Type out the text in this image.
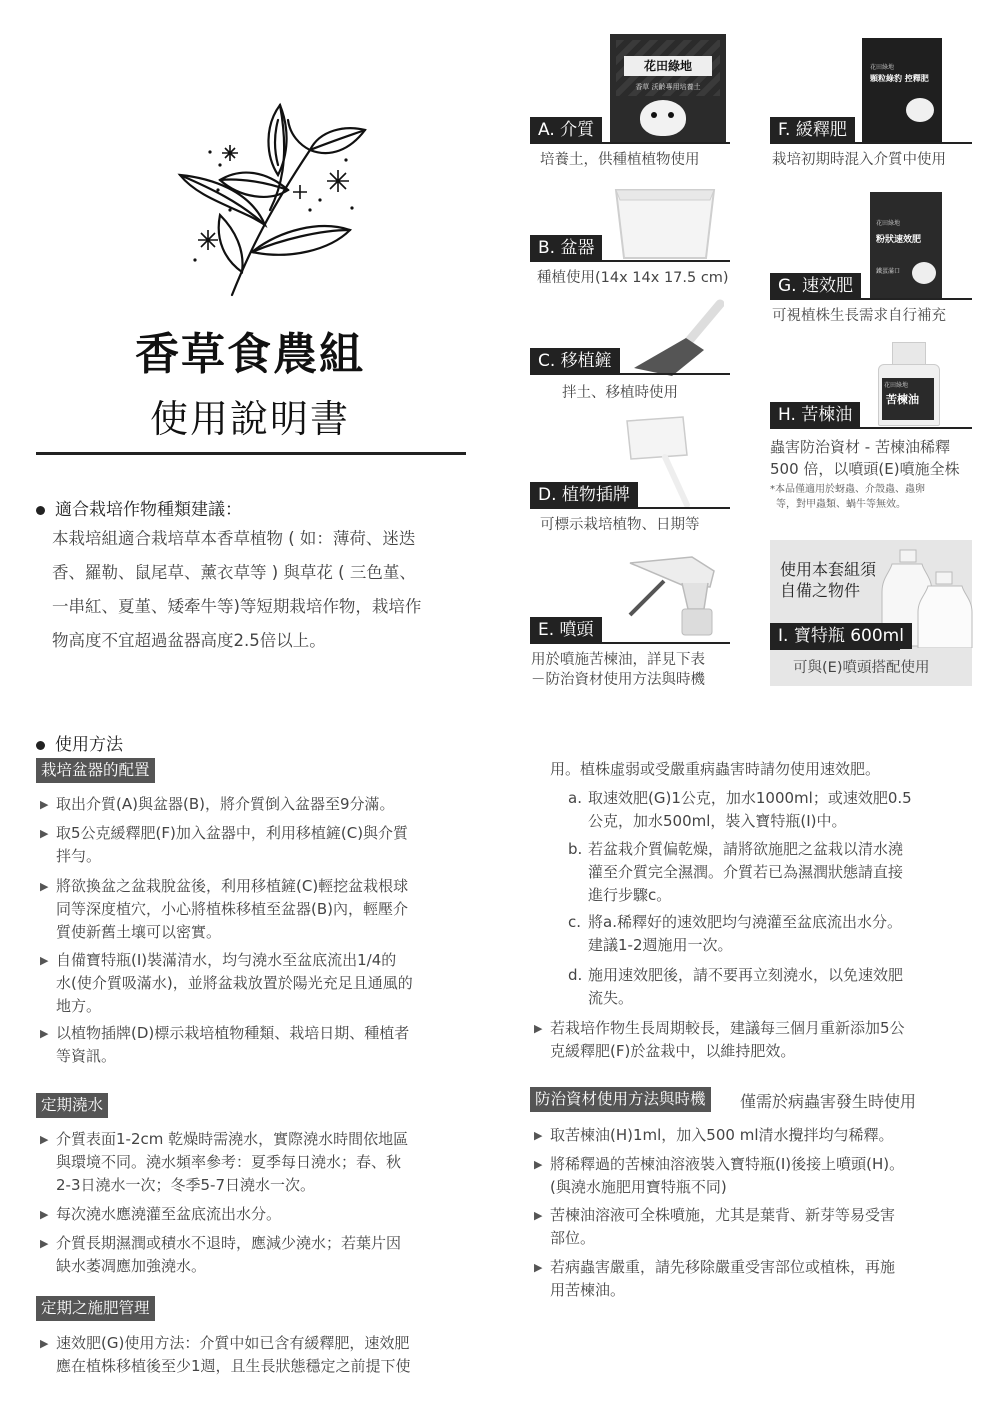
香草食農組
使用說明書
適合栽培作物種類建議：
本栽培組適合栽培草本香草植物 ( 如：薄荷、迷迭
香、羅勒、鼠尾草、薰衣草等 ) 與草花 ( 三色堇、
一串紅、夏堇、矮牽牛等)等短期栽培作物，栽培作
物高度不宜超過盆器高度2.5倍以上。
花田綠地
香草 沃齡專用培養土
A. 介質
培養土，供種植植物使用
B. 盆器
種植使用(14x 14x 17.5 cm)
C. 移植鏟
拌土、移植時使用
D. 植物插牌
可標示栽培植物、日期等
E. 噴頭
用於噴施苦楝油，詳見下表
－防治資材使用方法與時機
花田綠地
顆粒綠豹 控釋肥
F. 緩釋肥
栽培初期時混入介質中使用
花田綠地
粉狀速效肥
鐵蛋滿口
G. 速效肥
可視植株生長需求自行補充
花田綠地
苦楝油
H. 苦楝油
蟲害防治資材 - 苦楝油稀釋
500 倍，以噴頭(E)噴施全株
*本品僅適用於蚜蟲、介殼蟲、蟲卵
等，對甲蟲類、蝸牛等無效。
使用本套組須
自備之物件
I. 寶特瓶 600ml
可與(E)噴頭搭配使用
使用方法
栽培盆器的配置
▶ 取出介質(A)與盆器(B)，將介質倒入盆器至9分滿。
▶ 取5公克緩釋肥(F)加入盆器中，利用移植鏟(C)與介質
拌勻。
▶ 將欲換盆之盆栽脫盆後，利用移植鏟(C)輕挖盆栽根球
同等深度植穴，小心將植株移植至盆器(B)內，輕壓介
質使新舊土壤可以密實。
▶ 自備寶特瓶(I)裝滿清水，均勻澆水至盆底流出1/4的
水(使介質吸滿水)，並將盆栽放置於陽光充足且通風的
地方。
▶ 以植物插牌(D)標示栽培植物種類、栽培日期、種植者
等資訊。
定期澆水
▶ 介質表面1-2cm 乾燥時需澆水，實際澆水時間依地區
與環境不同。澆水頻率參考：夏季每日澆水；春、秋
2-3日澆水一次；冬季5-7日澆水一次。
▶ 每次澆水應澆灌至盆底流出水分。
▶ 介質長期濕潤或積水不退時，應減少澆水；若葉片因
缺水萎凋應加強澆水。
定期之施肥管理
▶ 速效肥(G)使用方法：介質中如已含有緩釋肥，速效肥
應在植株移植後至少1週，且生長狀態穩定之前提下使
用。植株虛弱或受嚴重病蟲害時請勿使用速效肥。
a. 取速效肥(G)1公克，加水1000ml；或速效肥0.5
公克，加水500ml，裝入寶特瓶(I)中。
b. 若盆栽介質偏乾燥，請將欲施肥之盆栽以清水澆
灌至介質完全濕潤。介質若已為濕潤狀態請直接
進行步驟c。
c. 將a.稀釋好的速效肥均勻澆灌至盆底流出水分。
建議1-2週施用一次。
d. 施用速效肥後，請不要再立刻澆水，以免速效肥
流失。
▶ 若栽培作物生長周期較長，建議每三個月重新添加5公
克緩釋肥(F)於盆栽中，以維持肥效。
防治資材使用方法與時機	僅需於病蟲害發生時使用
▶ 取苦楝油(H)1ml，加入500 ml清水攪拌均勻稀釋。
▶ 將稀釋過的苦楝油溶液裝入寶特瓶(I)後接上噴頭(H)。
(與澆水施肥用寶特瓶不同)
▶ 苦楝油溶液可全株噴施，尤其是葉背、新芽等易受害
部位。
▶ 若病蟲害嚴重，請先移除嚴重受害部位或植株，再施
用苦楝油。
